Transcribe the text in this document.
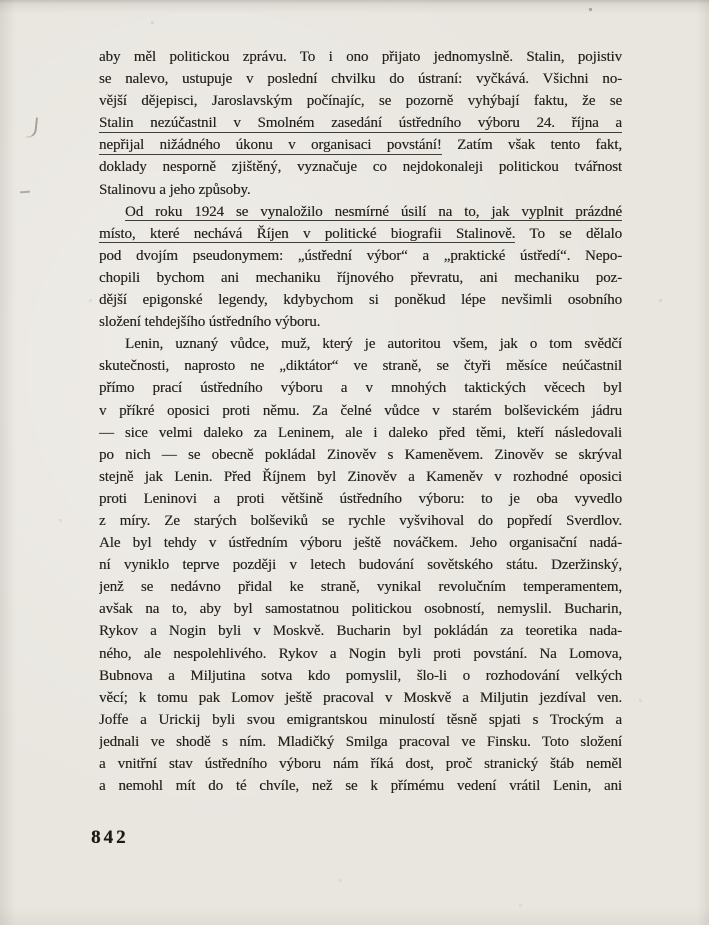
aby měl politickou zprávu. To i ono přijato jednomyslně. Stalin, pojistiv
se nalevo, ustupuje v poslední chvilku do ústraní: vyčkává. Všichni no-
vější dějepisci, Jaroslavským počínajíc, se pozorně vyhýbají faktu, že se
Stalin nezúčastnil v Smolném zasedání ústředního výboru 24. října a
nepřijal nižádného úkonu v organisaci povstání! Zatím však tento fakt,
doklady nesporně zjištěný, vyznačuje co nejdokonaleji politickou tvářnost
Stalinovu a jeho způsoby.
Od roku 1924 se vynaložilo nesmírné úsilí na to, jak vyplnit prázdné
místo, které nechává Říjen v politické biografii Stalinově. To se dělalo
pod dvojím pseudonymem: „ústřední výbor“ a „praktické ústředí“. Nepo-
chopili bychom ani mechaniku říjnového převratu, ani mechaniku poz-
dější epigonské legendy, kdybychom si poněkud lépe nevšimli osobního
složení tehdejšího ústředního výboru.
Lenin, uznaný vůdce, muž, který je autoritou všem, jak o tom svědčí
skutečnosti, naprosto ne „diktátor“ ve straně, se čtyři měsíce neúčastnil
přímo prací ústředního výboru a v mnohých taktických věcech byl
v příkré oposici proti němu. Za čelné vůdce v starém bolševickém jádru
— sice velmi daleko za Leninem, ale i daleko před těmi, kteří následovali
po nich — se obecně pokládal Zinověv s Kameněvem. Zinověv se skrýval
stejně jak Lenin. Před Říjnem byl Zinověv a Kameněv v rozhodné oposici
proti Leninovi a proti většině ústředního výboru: to je oba vyvedlo
z míry. Ze starých bolševiků se rychle vyšvihoval do popředí Sverdlov.
Ale byl tehdy v ústředním výboru ještě nováčkem. Jeho organisační nadá-
ní vyniklo teprve později v letech budování sovětského státu. Dzeržinský,
jenž se nedávno přidal ke straně, vynikal revolučním temperamentem,
avšak na to, aby byl samostatnou politickou osobností, nemyslil. Bucharin,
Rykov a Nogin byli v Moskvě. Bucharin byl pokládán za teoretika nada-
ného, ale nespolehlivého. Rykov a Nogin byli proti povstání. Na Lomova,
Bubnova a Miljutina sotva kdo pomyslil, šlo-li o rozhodování velkých
věcí; k tomu pak Lomov ještě pracoval v Moskvě a Miljutin jezdíval ven.
Joffe a Urickij byli svou emigrantskou minulostí těsně spjati s Trockým a
jednali ve shodě s ním. Mladičký Smilga pracoval ve Finsku. Toto složení
a vnitřní stav ústředního výboru nám říká dost, proč stranický štáb neměl
a nemohl mít do té chvíle, než se k přímému vedení vrátil Lenin, ani
842
